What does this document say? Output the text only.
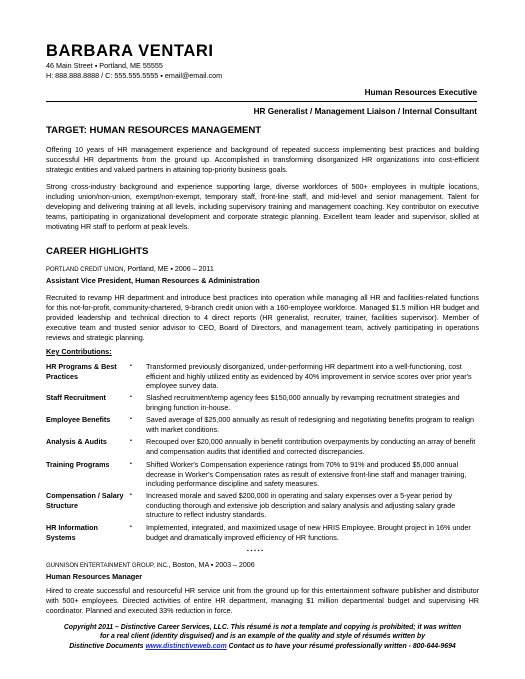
BARBARA VENTARI
46 Main Street ▪ Portland, ME 55555
H: 888.888.8888 / C: 555.555.5555 ▪ email@email.com
Human Resources Executive
HR Generalist / Management Liaison / Internal Consultant
TARGET: HUMAN RESOURCES MANAGEMENT
Offering 10 years of HR management experience and background of repeated success implementing best practices and building successful HR departments from the ground up. Accomplished in transforming disorganized HR organizations into cost-efficient strategic entities and valued partners in attaining top-priority business goals.
Strong cross-industry background and experience supporting large, diverse workforces of 500+ employees in multiple locations, including union/non-union, exempt/non-exempt, temporary staff, front-line staff, and mid-level and senior management. Talent for developing and delivering training at all levels, including supervisory training and management coaching. Key contributor on executive teams, participating in organizational development and corporate strategic planning. Excellent team leader and supervisor, skilled at motivating HR staff to perform at peak levels.
CAREER HIGHLIGHTS
PORTLAND CREDIT UNION, Portland, ME ▪ 2006 – 2011
Assistant Vice President, Human Resources & Administration
Recruited to revamp HR department and introduce best practices into operation while managing all HR and facilities-related functions for this not-for-profit, community-chartered, 9-branch credit union with a 160-employee workforce. Managed $1.5 million HR budget and provided leadership and technical direction to 4 direct reports (HR generalist, recruiter, trainer, facilities supervisor). Member of executive team and trusted senior advisor to CEO, Board of Directors, and management team, actively participating in operations reviews and strategic planning.
Key Contributions:
HR Programs & Best Practices
▪ Transformed previously disorganized, under-performing HR department into a well-functioning, cost efficient and highly utilized entity as evidenced by 40% improvement in service scores over prior year's employee survey data.
Staff Recruitment	▪ Slashed recruitment/temp agency fees $150,000 annually by revamping recruitment strategies and bringing function in-house.
Employee Benefits	▪ Saved average of $25,000 annually as result of redesigning and negotiating benefits program to realign with market conditions.
Analysis & Audits	▪ Recouped over $20,000 annually in benefit contribution overpayments by conducting an array of benefit and compensation audits that identified and corrected discrepancies.
Training Programs	▪ Shifted Worker's Compensation experience ratings from 70% to 91% and produced $5,000 annual decrease in Worker's Compensation rates as result of extensive front-line staff and manager training, including performance discipline and safety measures.
Compensation / Salary Structure
▪ Increased morale and saved $200,000 in operating and salary expenses over a 5-year period by conducting thorough and extensive job description and salary analysis and adjusting salary grade structure to reflect industry standards.
HR Information Systems
▪ Implemented, integrated, and maximized usage of new HRIS Employee. Brought project in 16% under budget and dramatically improved efficiency of HR functions.
▪▪▪▪▪
GUNNISON ENTERTAINMENT GROUP, INC., Boston, MA ▪ 2003 – 2006
Human Resources Manager
Hired to create successful and resourceful HR service unit from the ground up for this entertainment software publisher and distributor with 500+ employees. Directed activities of entire HR department, managing $1 million departmental budget and supervising HR coordinator. Planned and executed 33% reduction in force.
Copyright 2011 – Distinctive Career Services, LLC. This résumé is not a template and copying is prohibited; it was written
for a real client (identity disguised) and is an example of the quality and style of résumés written by
Distinctive Documents www.distinctiveweb.com Contact us to have your résumé professionally written - 800-644-9694
